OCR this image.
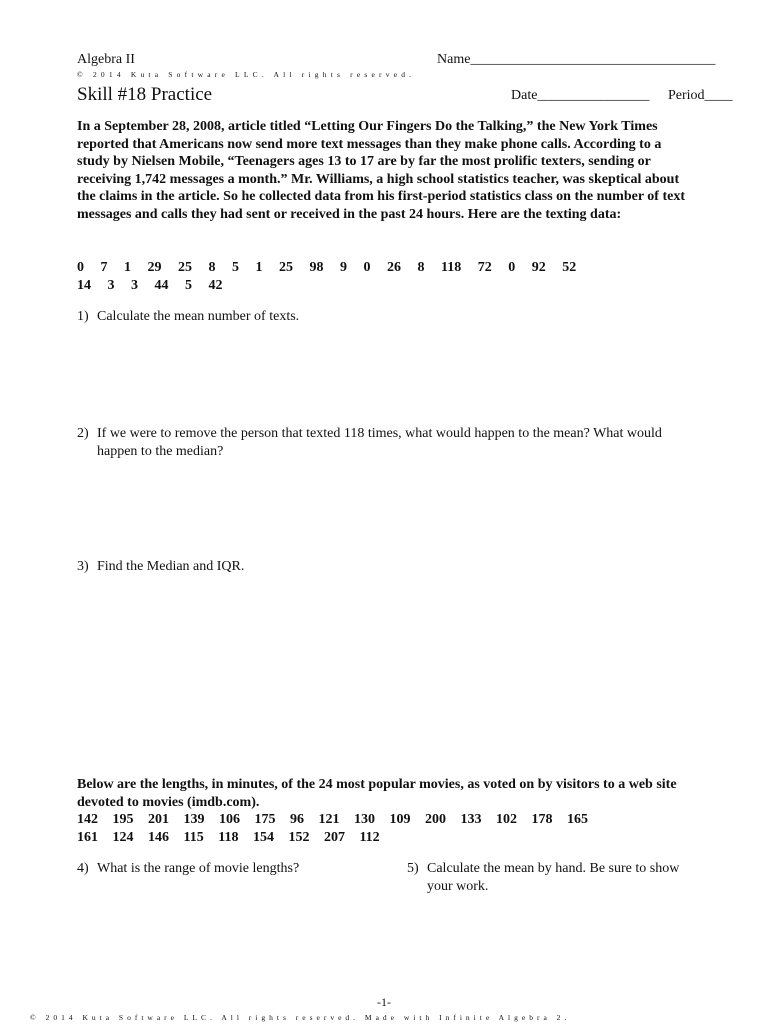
Algebra II	Name___________________________________
© 2014 Kuta Software LLC. All rights reserved.
Skill #18 Practice	Date________________ Period____
In a September 28, 2008, article titled “Letting Our Fingers Do the Talking,” the New York Times reported that Americans now send more text messages than they make phone calls. According to a study by Nielsen Mobile, “Teenagers ages 13 to 17 are by far the most prolific texters, sending or receiving 1,742 messages a month.” Mr. Williams, a high school statistics teacher, was skeptical about the claims in the article. So he collected data from his first-period statistics class on the number of text messages and calls they had sent or received in the past 24 hours. Here are the texting data:
0 7 1 29 25 8 5 1 25 98 9 0 26 8 118 72 0 92 52
14 3 3 44 5 42
1) Calculate the mean number of texts.
2) If we were to remove the person that texted 118 times, what would happen to the mean? What would happen to the median?
3) Find the Median and IQR.
Below are the lengths, in minutes, of the 24 most popular movies, as voted on by visitors to a web site devoted to movies (imdb.com).
142 195 201 139 106 175 96 121 130 109 200 133 102 178 165
161 124 146 115 118 154 152 207 112
4) What is the range of movie lengths?	5) Calculate the mean by hand. Be sure to show your work.
-1-
© 2014 Kuta Software LLC. All rights reserved. Made with Infinite Algebra 2.
